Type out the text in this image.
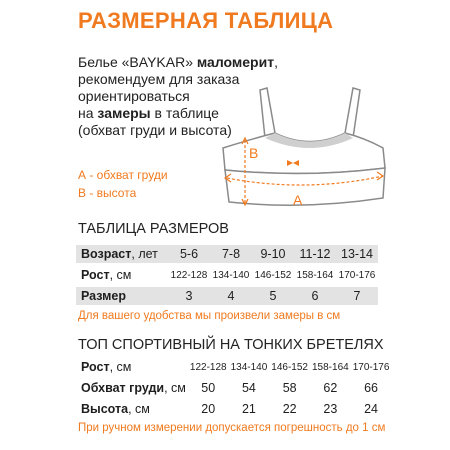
РАЗМЕРНАЯ ТАБЛИЦА
Белье «BAYKAR» маломерит,
рекомендуем для заказа
ориентироваться
на замеры в таблице
(обхват груди и высота)
B
A
А - обхват груди
В - высота
ТАБЛИЦА РАЗМЕРОВ
Возраст, лет	5-6	7-8	9-10	11-12	13-14
Рост, см	122-128	134-140	146-152	158-164	170-176
Размер	3	4	5	6	7
Для вашего удобства мы произвели замеры в см
ТОП СПОРТИВНЫЙ НА ТОНКИХ БРЕТЕЛЯХ
Рост, см	122-128	134-140	146-152	158-164	170-176
Обхват груди, см	50	54	58	62	66
Высота, см	20	21	22	23	24
При ручном измерении допускается погрешность до 1 см
